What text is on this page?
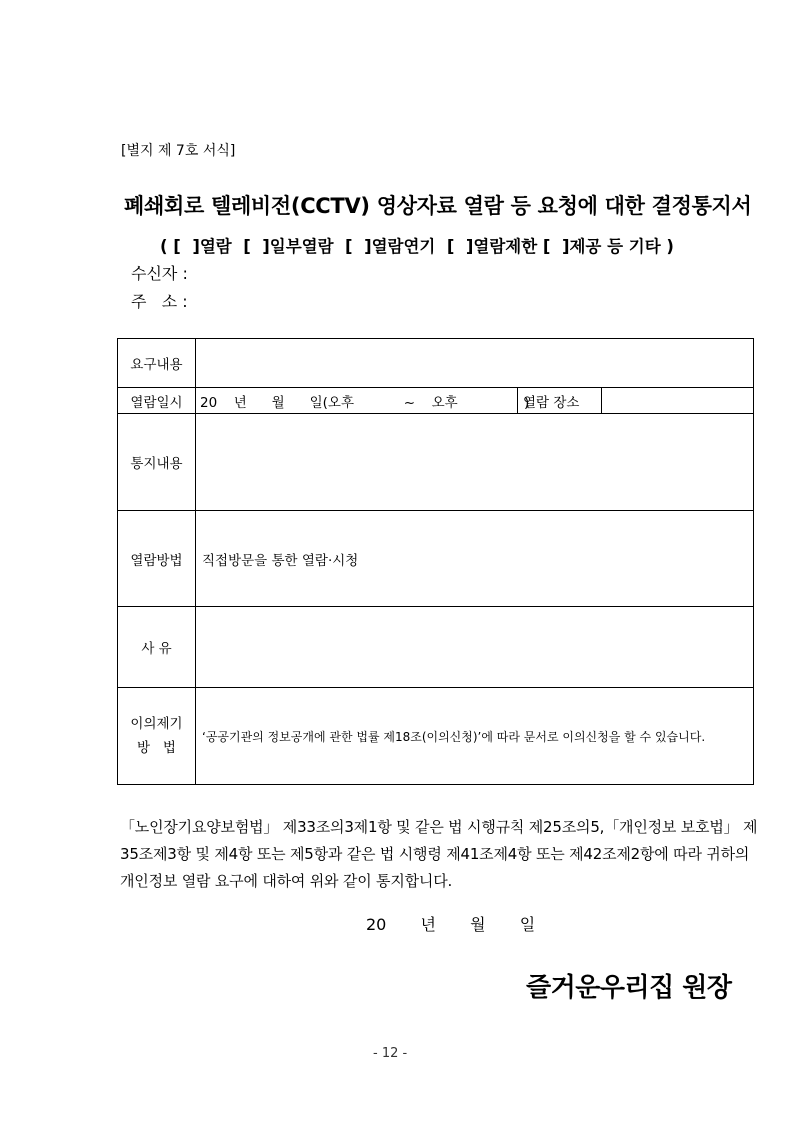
[별지 제 7호 서식]
폐쇄회로 텔레비전(CCTV) 영상자료 열람 등 요청에 대한 결정통지서
( [  ]열람  [  ]일부열람  [  ]열람연기  [  ]열람제한 [  ]제공 등 기타 )
수신자 :
주   소 :
요구내용			
열람일시	20  년   월   일(오후      ~  오후        )	열람 장소	
통지내용			
열람방법	직접방문을 통한 열람·시청		
사 유			

이의제기
방   법	‘공공기관의 정보공개에 관한 법률 제18조(이의신청)’에 따라 문서로 이의신청을 할 수 있습니다.		
「노인장기요양보험법」 제33조의3제1항 및 같은 법 시행규칙 제25조의5,「개인정보 보호법」 제35조제3항 및 제4항 또는 제5항과 같은 법 시행령 제41조제4항 또는 제42조제2항에 따라 귀하의 개인정보 열람 요구에 대하여 위와 같이 통지합니다.
20  년  월  일
즐거운우리집 원장
- 12 -
